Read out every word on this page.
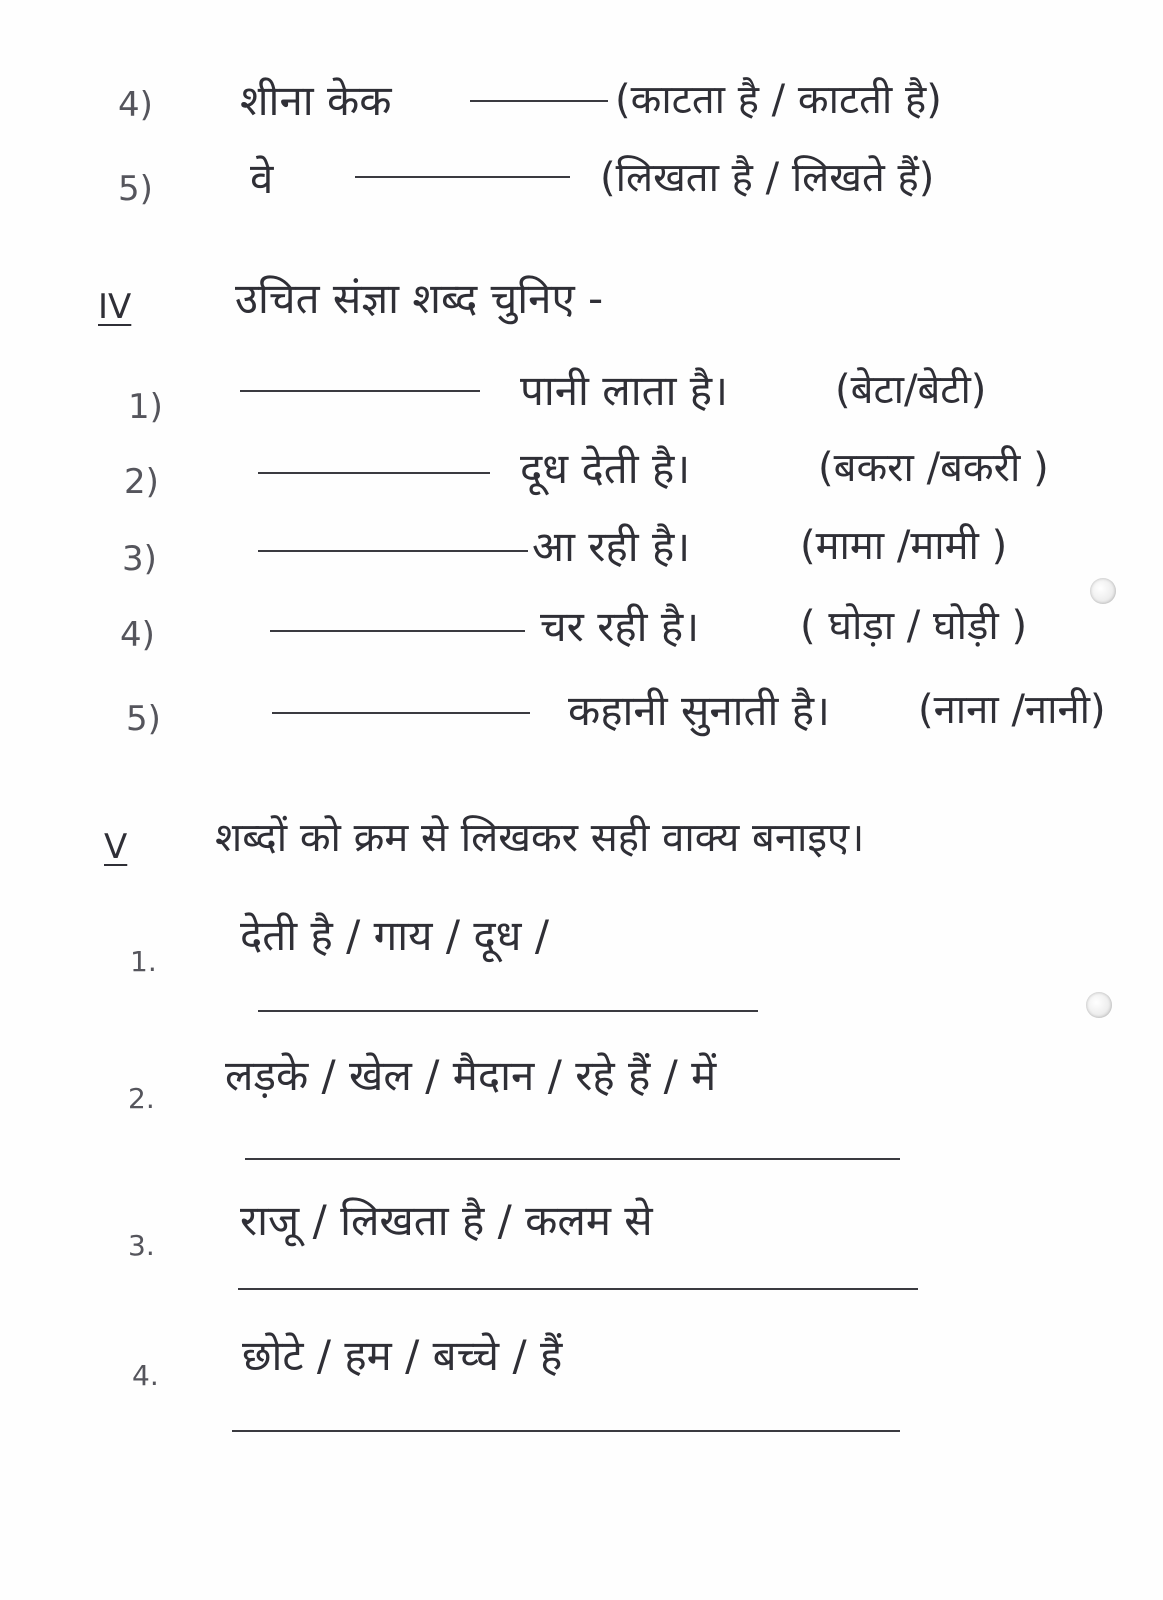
4) शीना केक	(काटता है / काटती है)
5) वे	(लिखता है / लिखते हैं)
IV उचित संज्ञा शब्द चुनिए -
1)	पानी लाता है।	(बेटा/बेटी)
2)	दूध देती है।	(बकरा /बकरी )
3)	आ रही है।	(मामा /मामी )
4)	चर रही है।	( घोड़ा / घोड़ी )
5)	कहानी सुनाती है। (नाना /नानी)
V शब्दों को क्रम से लिखकर सही वाक्य बनाइए।
1.
देती है / गाय / दूध /
2. लड़के / खेल / मैदान / रहे हैं / में
3.
राजू / लिखता है / कलम से
4. छोटे / हम / बच्चे / हैं
